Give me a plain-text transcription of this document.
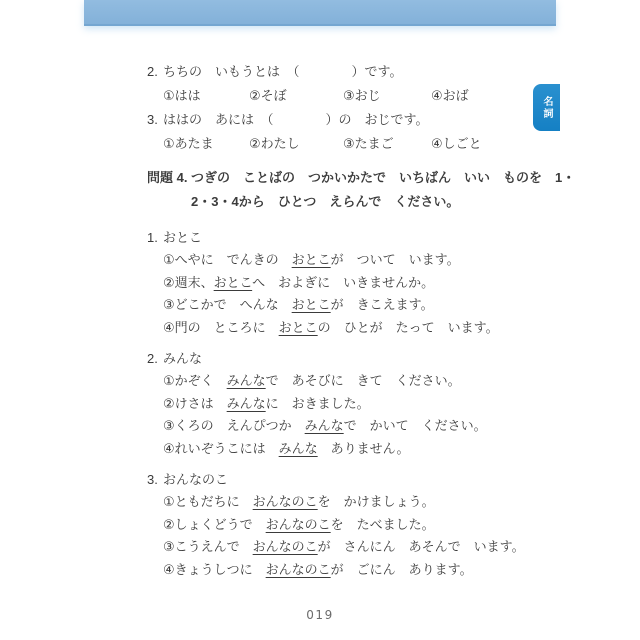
名詞
2. ちちの　いもうとは　（　　　　）です。
①はは	②そぼ	③おじ	④おば
3. ははの　あには　（　　　　）の　おじです。
①あたま	②わたし	③たまご	④しごと
問題 4. つぎの　ことばの　つかいかたで　いちばん　いい　ものを　1・
2・3・4から　ひとつ　えらんで　ください。
1. おとこ
①へやに　でんきの　おとこが　ついて　います。
②週末、おとこへ　およぎに　いきませんか。
③どこかで　へんな　おとこが　きこえます。
④門の　ところに　おとこの　ひとが　たって　います。
2. みんな
①かぞく　みんなで　あそびに　きて　ください。
②けさは　みんなに　おきました。
③くろの　えんぴつか　みんなで　かいて　ください。
④れいぞうこには　みんな　ありません。
3. おんなのこ
①ともだちに　おんなのこを　かけましょう。
②しょくどうで　おんなのこを　たべました。
③こうえんで　おんなのこが　さんにん　あそんで　います。
④きょうしつに　おんなのこが　ごにん　あります。
019
